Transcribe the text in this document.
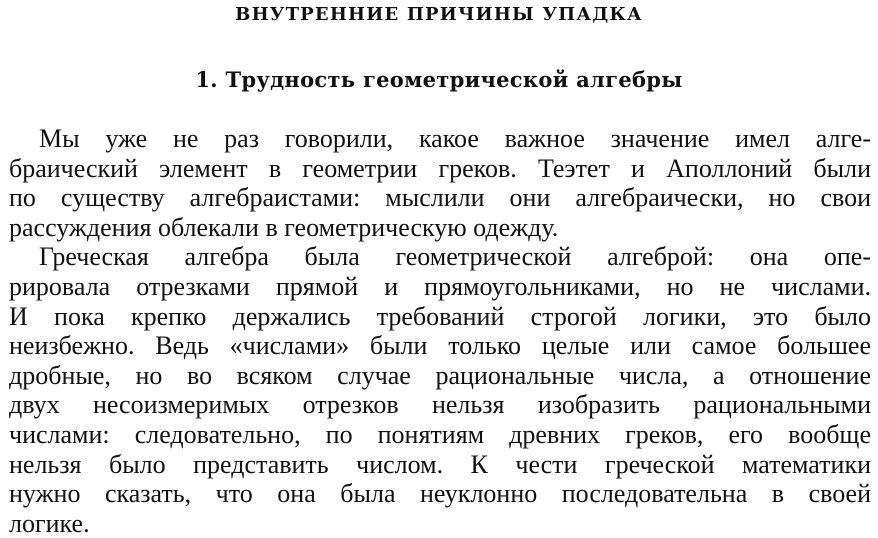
ВНУТРЕННИЕ ПРИЧИНЫ УПАДКА
1. Трудность геометрической алгебры
Мы уже не раз говорили, какое важное значение имел алге-
браический элемент в геометрии греков. Теэтет и Аполлоний были
по существу алгебраистами: мыслили они алгебраически, но свои
рассуждения облекали в геометрическую одежду.
Греческая алгебра была геометрической алгеброй: она опе-
рировала отрезками прямой и прямоугольниками, но не числами.
И пока крепко держались требований строгой логики, это было
неизбежно. Ведь «числами» были только целые или самое большее
дробные, но во всяком случае рациональные числа, а отношение
двух несоизмеримых отрезков нельзя изобразить рациональными
числами: следовательно, по понятиям древних греков, его вообще
нельзя было представить числом. К чести греческой математики
нужно сказать, что она была неуклонно последовательна в своей
логике.
